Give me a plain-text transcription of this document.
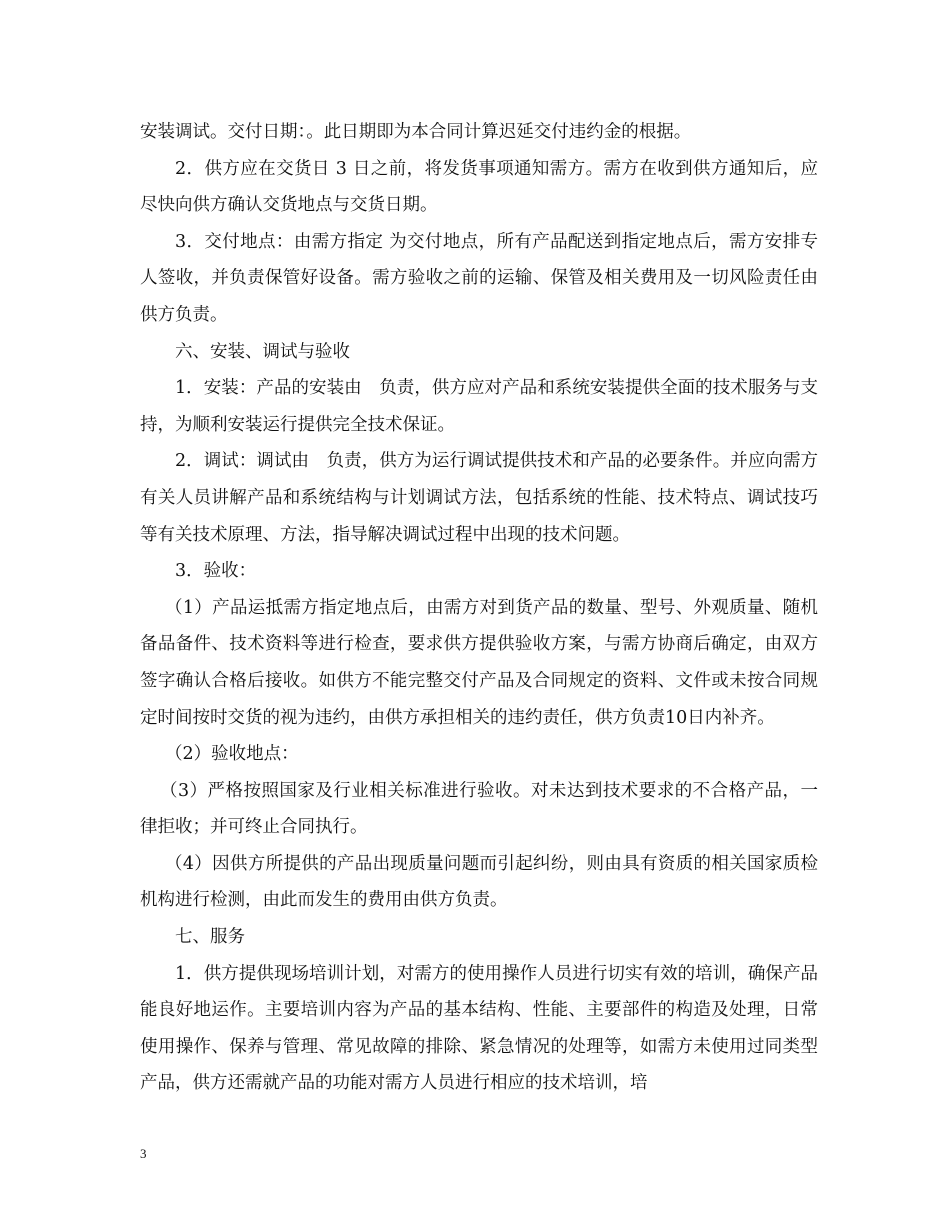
安装调试。交付日期：。此日期即为本合同计算迟延交付违约金的根据。

2．供方应在交货日 3 日之前，将发货事项通知需方。需方在收到供方通知后，应尽快向供方确认交货地点与交货日期。

3．交付地点：由需方指定 为交付地点，所有产品配送到指定地点后，需方安排专人签收，并负责保管好设备。需方验收之前的运输、保管及相关费用及一切风险责任由供方负责。

六、安装、调试与验收

1．安装：产品的安装由　负责，供方应对产品和系统安装提供全面的技术服务与支持，为顺利安装运行提供完全技术保证。

2．调试：调试由　负责，供方为运行调试提供技术和产品的必要条件。并应向需方有关人员讲解产品和系统结构与计划调试方法，包括系统的性能、技术特点、调试技巧等有关技术原理、方法，指导解决调试过程中出现的技术问题。

3．验收：

（1）产品运抵需方指定地点后，由需方对到货产品的数量、型号、外观质量、随机备品备件、技术资料等进行检查，要求供方提供验收方案，与需方协商后确定，由双方签字确认合格后接收。如供方不能完整交付产品及合同规定的资料、文件或未按合同规定时间按时交货的视为违约，由供方承担相关的违约责任，供方负责10日内补齐。

（2）验收地点：

（3）严格按照国家及行业相关标准进行验收。对未达到技术要求的不合格产品，一律拒收；并可终止合同执行。

（4）因供方所提供的产品出现质量问题而引起纠纷，则由具有资质的相关国家质检机构进行检测，由此而发生的费用由供方负责。

七、服务

1．供方提供现场培训计划，对需方的使用操作人员进行切实有效的培训，确保产品能良好地运作。主要培训内容为产品的基本结构、性能、主要部件的构造及处理，日常使用操作、保养与管理、常见故障的排除、紧急情况的处理等，如需方未使用过同类型产品，供方还需就产品的功能对需方人员进行相应的技术培训，培

3
